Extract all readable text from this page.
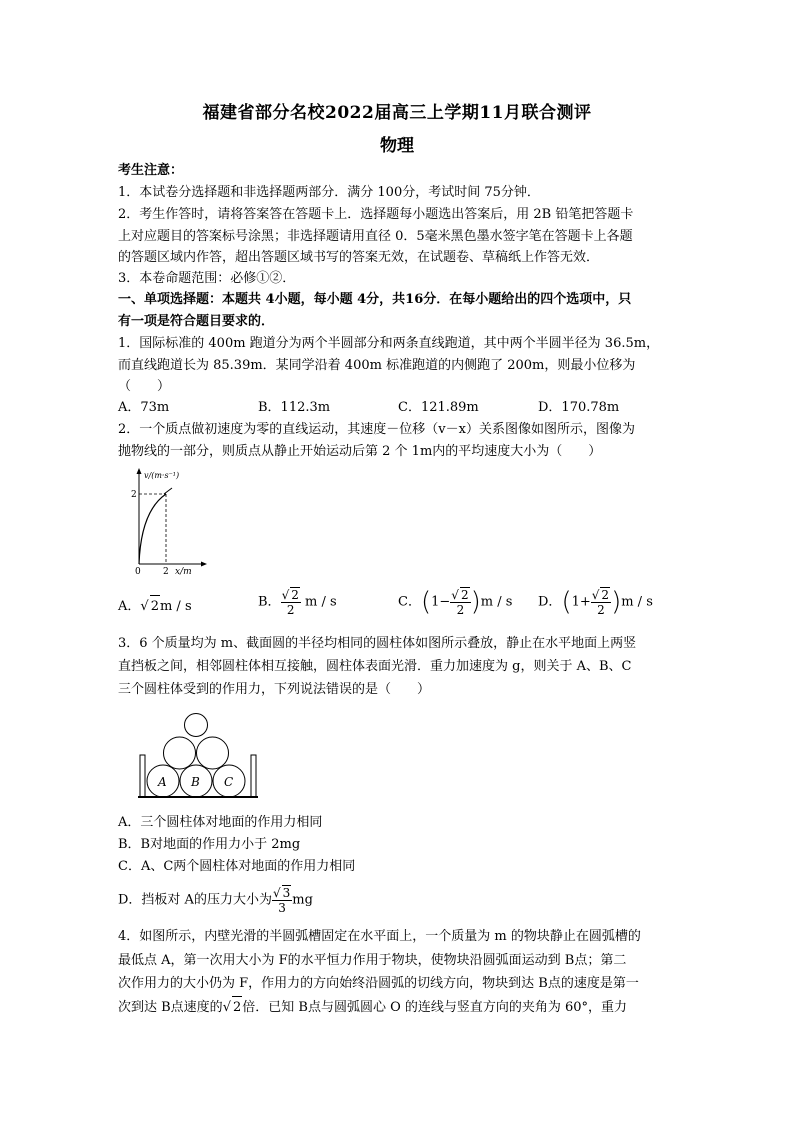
福建省部分名校2022届高三上学期11月联合测评
物理
考生注意：
1．本试卷分选择题和非选择题两部分．满分 100分，考试时间 75分钟．
2．考生作答时，请将答案答在答题卡上．选择题每小题选出答案后，用 2B 铅笔把答题卡
上对应题目的答案标号涂黑；非选择题请用直径 0．5毫米黑色墨水签字笔在答题卡上各题
的答题区域内作答，超出答题区域书写的答案无效，在试题卷、草稿纸上作答无效．
3．本卷命题范围：必修①②．
一、单项选择题：本题共 4小题，每小题 4分，共16分．在每小题给出的四个选项中，只
有一项是符合题目要求的．
1．国际标准的 400m 跑道分为两个半圆部分和两条直线跑道，其中两个半圆半径为 36.5m，
而直线跑道长为 85.39m．某同学沿着 400m 标准跑道的内侧跑了 200m，则最小位移为
（　　）
A．73m	B．112.3m	C．121.89m	D．170.78m
2．一个质点做初速度为零的直线运动，其速度－位移（v－x）关系图像如图所示，图像为
抛物线的一部分，则质点从静止开始运动后第 2 个 1m内的平均速度大小为（　　）
v/(m·s⁻¹)
2
0 2 x/m
A．√ 2m / s	B． $\frac{√ 2}{2}$ m / s	C．$(1- \frac{√ 2}{2} )m / s$ D．$(1+ \frac{√ 2}{2} )m / s$
3．6 个质量均为 m、截面圆的半径均相同的圆柱体如图所示叠放，静止在水平地面上两竖
直挡板之间，相邻圆柱体相互接触，圆柱体表面光滑．重力加速度为 g，则关于 A、B、C
三个圆柱体受到的作用力，下列说法错误的是（　　）
A B C
A．三个圆柱体对地面的作用力相同
B．B对地面的作用力小于 2mg
C．A、C两个圆柱体对地面的作用力相同
D．挡板对 A的压力大小为 $\frac{√ 3}{3}$ mg
4．如图所示，内壁光滑的半圆弧槽固定在水平面上，一个质量为 m 的物块静止在圆弧槽的
最低点 A，第一次用大小为 F的水平恒力作用于物块，使物块沿圆弧面运动到 B点；第二
次作用力的大小仍为 F，作用力的方向始终沿圆弧的切线方向，物块到达 B点的速度是第一
次到达 B点速度的√ 2倍．已知 B点与圆弧圆心 O 的连线与竖直方向的夹角为 60°，重力
